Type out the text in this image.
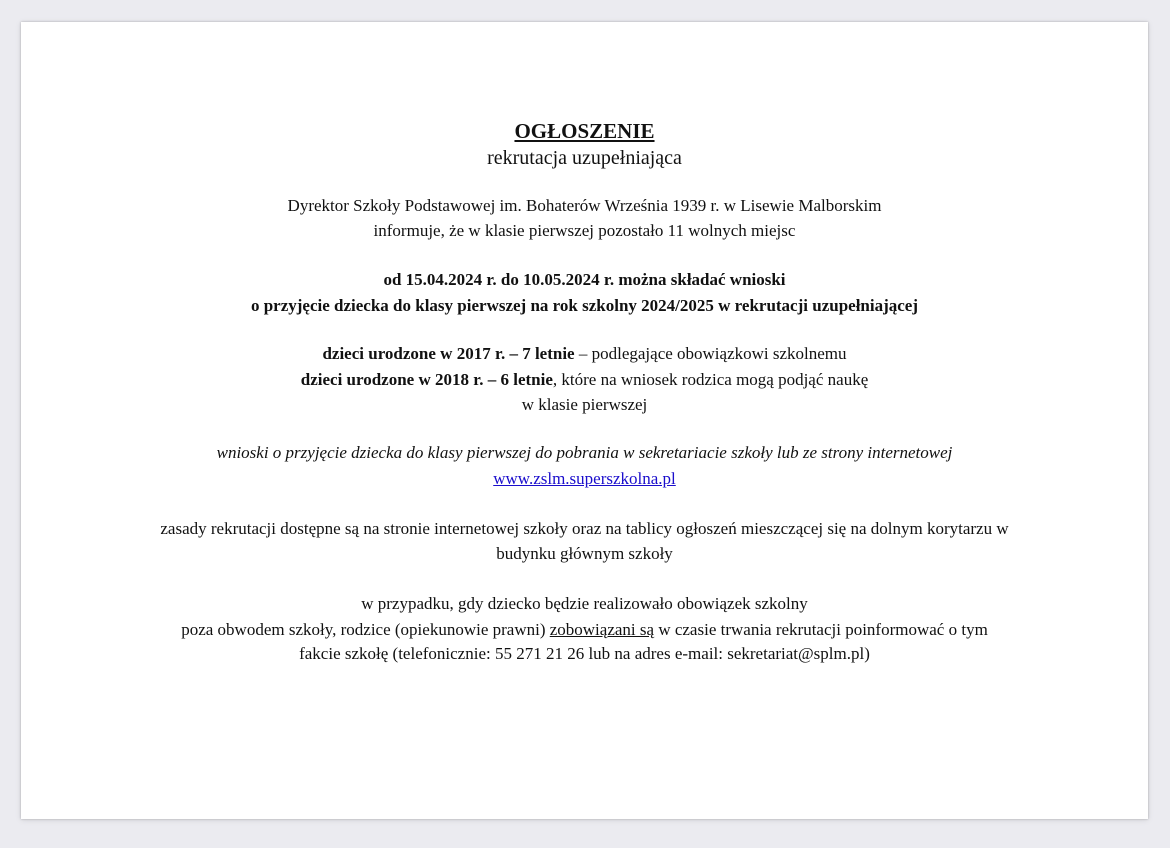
OGŁOSZENIE
rekrutacja uzupełniająca
Dyrektor Szkoły Podstawowej im. Bohaterów Września 1939 r. w Lisewie Malborskim
informuje, że w klasie pierwszej pozostało 11 wolnych miejsc
od 15.04.2024 r. do 10.05.2024 r. można składać wnioski
o przyjęcie dziecka do klasy pierwszej na rok szkolny 2024/2025 w rekrutacji uzupełniającej
dzieci urodzone w 2017 r. – 7 letnie – podlegające obowiązkowi szkolnemu
dzieci urodzone w 2018 r. – 6 letnie, które na wniosek rodzica mogą podjąć naukę
w klasie pierwszej
wnioski o przyjęcie dziecka do klasy pierwszej do pobrania w sekretariacie szkoły lub ze strony internetowej
www.zslm.superszkolna.pl
zasady rekrutacji dostępne są na stronie internetowej szkoły oraz na tablicy ogłoszeń mieszczącej się na dolnym korytarzu w
budynku głównym szkoły
w przypadku, gdy dziecko będzie realizowało obowiązek szkolny
poza obwodem szkoły, rodzice (opiekunowie prawni) zobowiązani są w czasie trwania rekrutacji poinformować o tym
fakcie szkołę (telefonicznie: 55 271 21 26 lub na adres e-mail: sekretariat@splm.pl)
